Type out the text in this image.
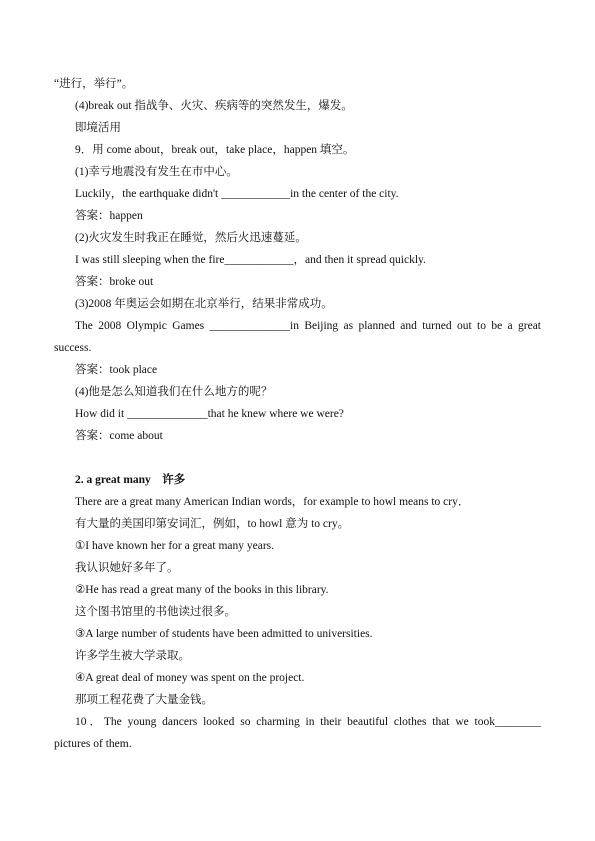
“进行，举行”。
(4)break out 指战争、火灾、疾病等的突然发生，爆发。
即境活用
9．用 come about，break out，take place，happen 填空。
(1)幸亏地震没有发生在市中心。
Luckily，the earthquake didn't ____________in the center of the city.
答案：happen
(2)火灾发生时我正在睡觉，然后火迅速蔓延。
I was still sleeping when the fire____________，and then it spread quickly.
答案：broke out
(3)2008 年奥运会如期在北京举行，结果非常成功。
The 2008 Olympic Games ______________in Beijing as planned and turned out to be a great
success.
答案：took place
(4)他是怎么知道我们在什么地方的呢？
How did it ______________that he knew where we were?
答案：come about
2. a great many　许多
There are a great many American Indian words，for example to howl means to cry．
有大量的美国印第安词汇，例如，to howl 意为 to cry。
①I have known her for a great many years.
我认识她好多年了。
②He has read a great many of the books in this library.
这个图书馆里的书他读过很多。
③A large number of students have been admitted to universities.
许多学生被大学录取。
④A great deal of money was spent on the project.
那项工程花费了大量金钱。
10．The young dancers looked so charming in their beautiful clothes that we took________
pictures of them.
